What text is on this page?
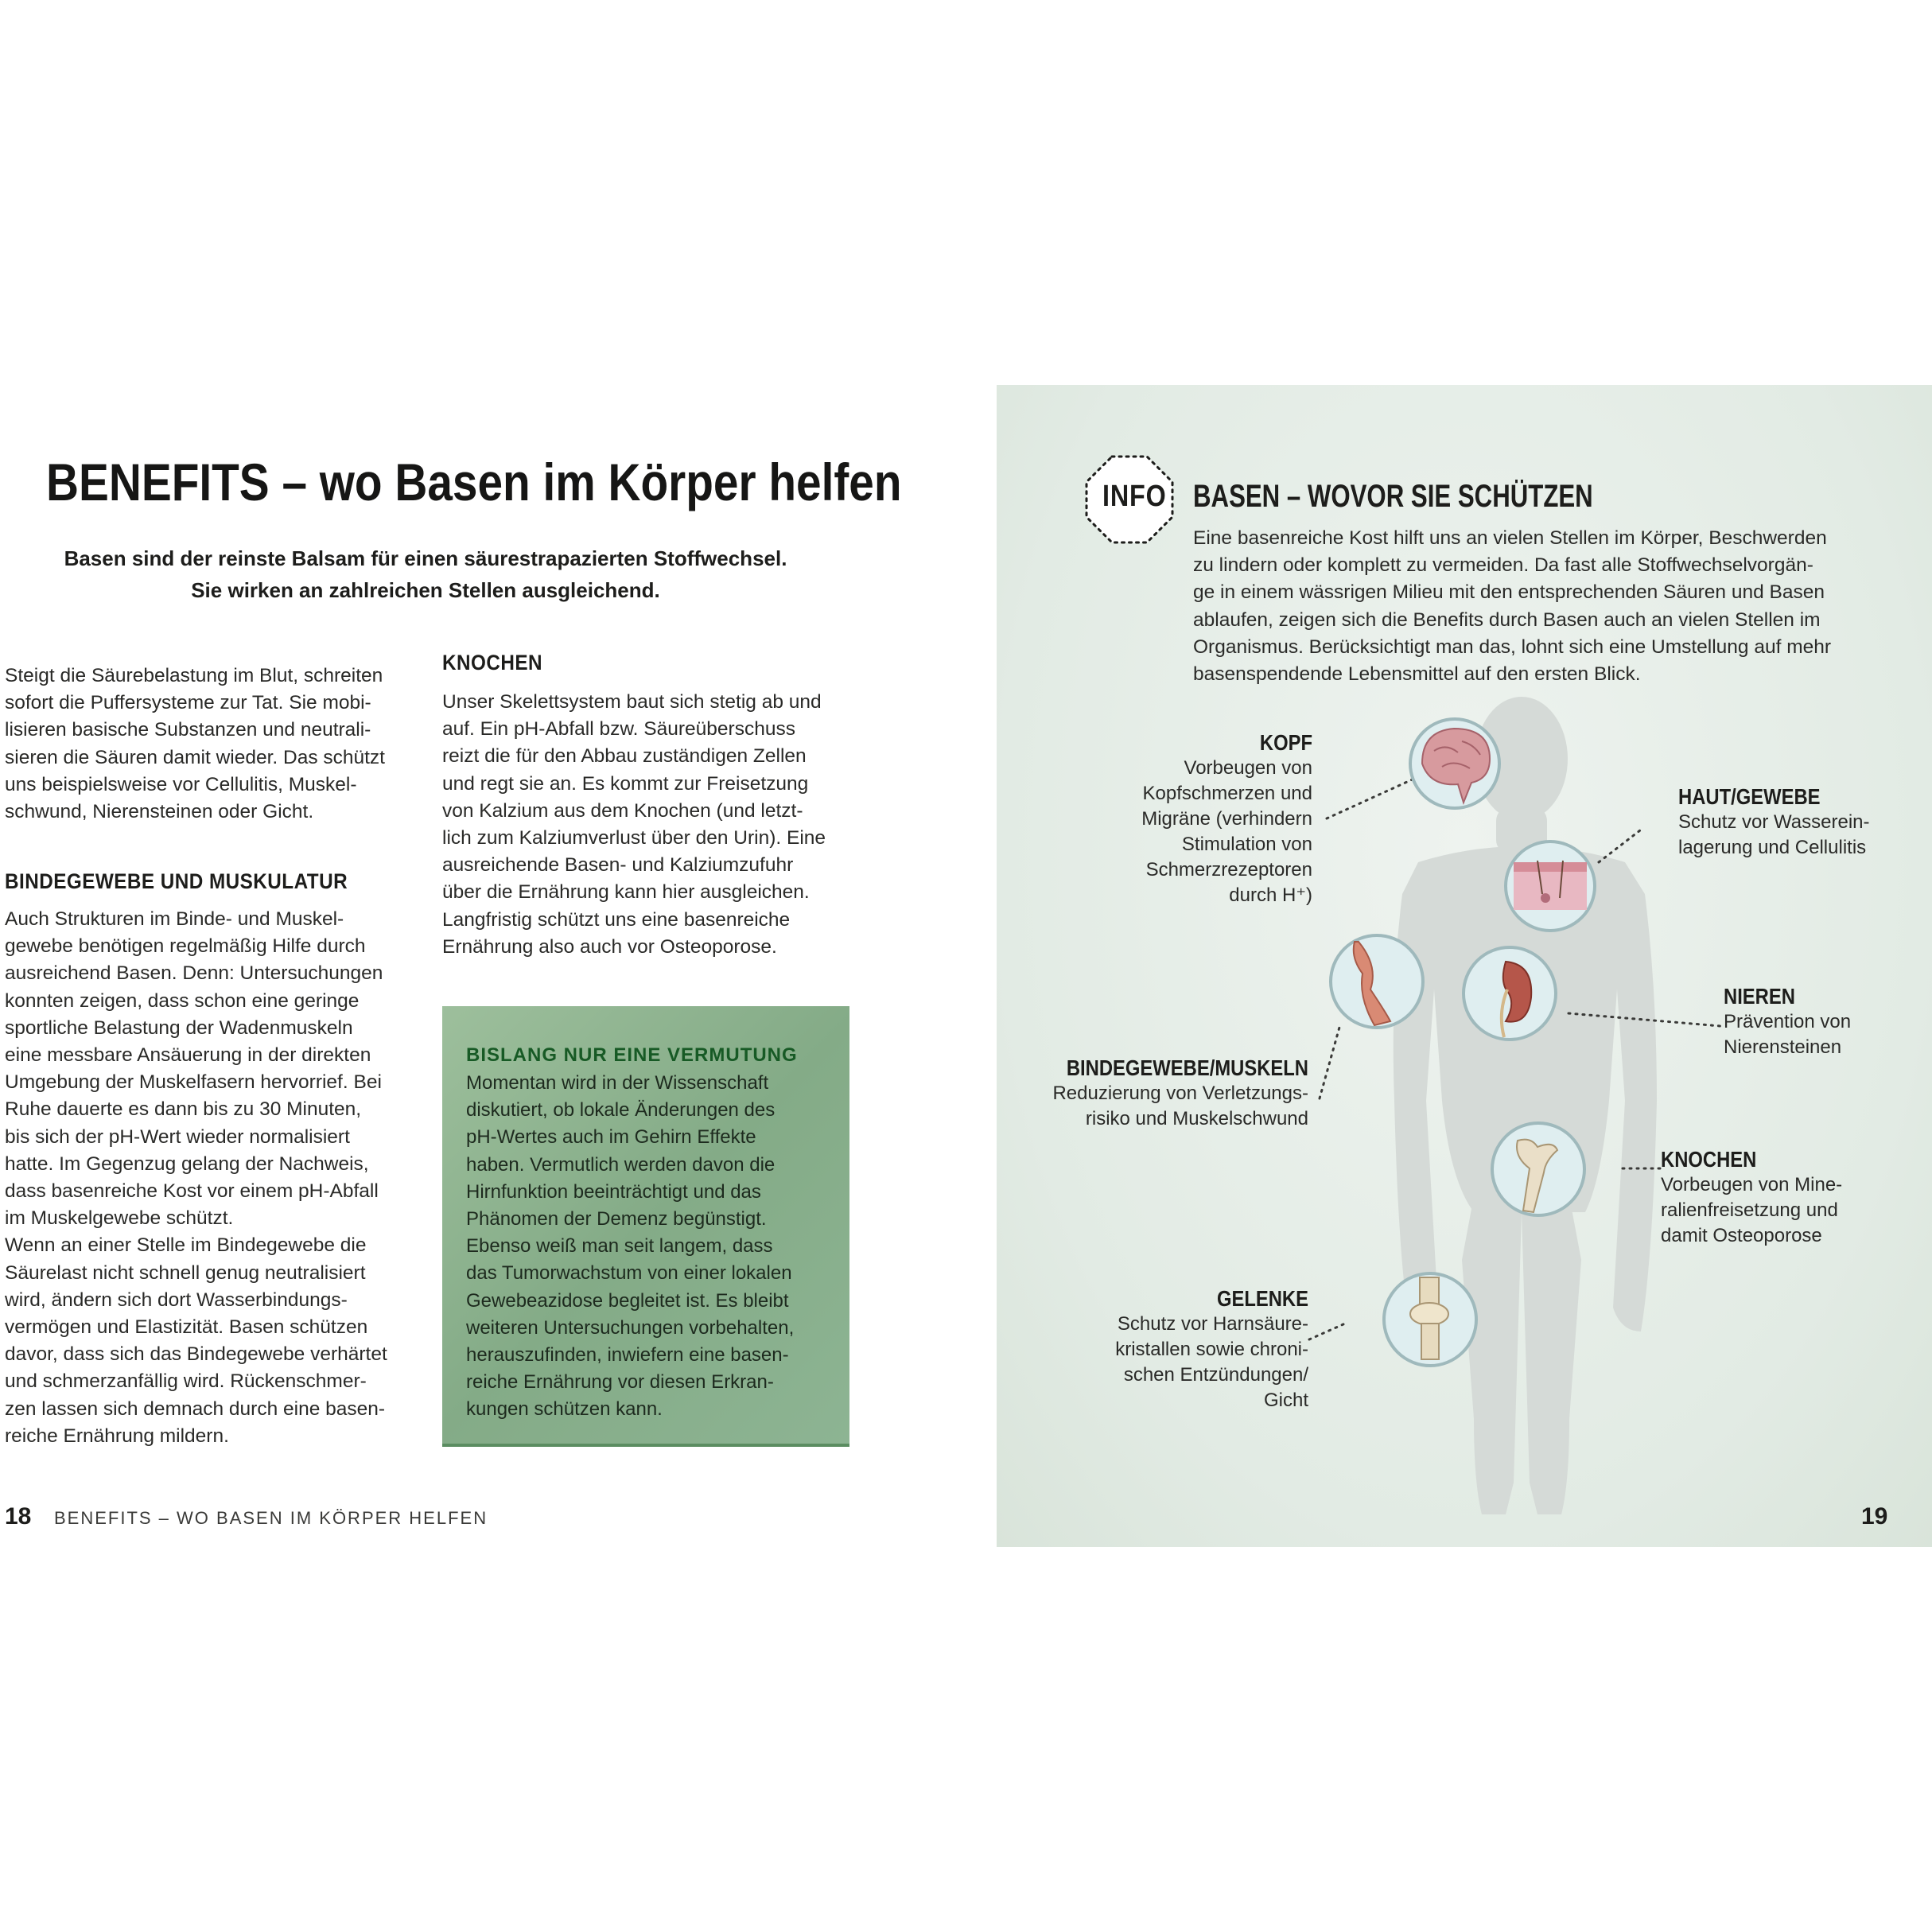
BENEFITS – wo Basen im Körper helfen

Basen sind der reinste Balsam für einen säurestrapazierten Stoffwechsel.
Sie wirken an zahlreichen Stellen ausgleichend.

Steigt die Säurebelastung im Blut, schreiten
sofort die Puffersysteme zur Tat. Sie mobi-
lisieren basische Substanzen und neutrali-
sieren die Säuren damit wieder. Das schützt
uns beispielsweise vor Cellulitis, Muskel-
schwund, Nierensteinen oder Gicht.

BINDEGEWEBE UND MUSKULATUR

Auch Strukturen im Binde- und Muskel-
gewebe benötigen regelmäßig Hilfe durch
ausreichend Basen. Denn: Untersuchungen
konnten zeigen, dass schon eine geringe
sportliche Belastung der Wadenmuskeln
eine messbare Ansäuerung in der direkten
Umgebung der Muskelfasern hervorrief. Bei
Ruhe dauerte es dann bis zu 30 Minuten,
bis sich der pH-Wert wieder normalisiert
hatte. Im Gegenzug gelang der Nachweis,
dass basenreiche Kost vor einem pH-Abfall
im Muskelgewebe schützt.
Wenn an einer Stelle im Bindegewebe die
Säurelast nicht schnell genug neutralisiert
wird, ändern sich dort Wasserbindungs-
vermögen und Elastizität. Basen schützen
davor, dass sich das Bindegewebe verhärtet
und schmerzanfällig wird. Rückenschmer-
zen lassen sich demnach durch eine basen-
reiche Ernährung mildern.

KNOCHEN

Unser Skelettsystem baut sich stetig ab und
auf. Ein pH-Abfall bzw. Säureüberschuss
reizt die für den Abbau zuständigen Zellen
und regt sie an. Es kommt zur Freisetzung
von Kalzium aus dem Knochen (und letzt-
lich zum Kalziumverlust über den Urin). Eine
ausreichende Basen- und Kalziumzufuhr
über die Ernährung kann hier ausgleichen.
Langfristig schützt uns eine basenreiche
Ernährung also auch vor Osteoporose.

BISLANG NUR EINE VERMUTUNG

Momentan wird in der Wissenschaft
diskutiert, ob lokale Änderungen des
pH-Wertes auch im Gehirn Effekte
haben. Vermutlich werden davon die
Hirnfunktion beeinträchtigt und das
Phänomen der Demenz begünstigt.
Ebenso weiß man seit langem, dass
das Tumorwachstum von einer lokalen
Gewebeazidose begleitet ist. Es bleibt
weiteren Untersuchungen vorbehalten,
herauszufinden, inwiefern eine basen-
reiche Ernährung vor diesen Erkran-
kungen schützen kann.

18 BENEFITS – WO BASEN IM KÖRPER HELFEN
INFO BASEN – WOVOR SIE SCHÜTZEN

Eine basenreiche Kost hilft uns an vielen Stellen im Körper, Beschwerden
zu lindern oder komplett zu vermeiden. Da fast alle Stoffwechselvorgän-
ge in einem wässrigen Milieu mit den entsprechenden Säuren und Basen
ablaufen, zeigen sich die Benefits durch Basen auch an vielen Stellen im
Organismus. Berücksichtigt man das, lohnt sich eine Umstellung auf mehr
basenspendende Lebensmittel auf den ersten Blick.

KOPF

Vorbeugen von
Kopfschmerzen und
Migräne (verhindern
Stimulation von
Schmerzrezeptoren
durch H⁺)

HAUT/GEWEBE

Schutz vor Wasserein-
lagerung und Cellulitis

NIEREN

Prävention von
Nierensteinen

BINDEGEWEBE/MUSKELN

Reduzierung von Verletzungs-
risiko und Muskelschwund

KNOCHEN

Vorbeugen von Mine-
ralienfreisetzung und
damit Osteoporose

GELENKE

Schutz vor Harnsäure-
kristallen sowie chroni-
schen Entzündungen/
Gicht

19
